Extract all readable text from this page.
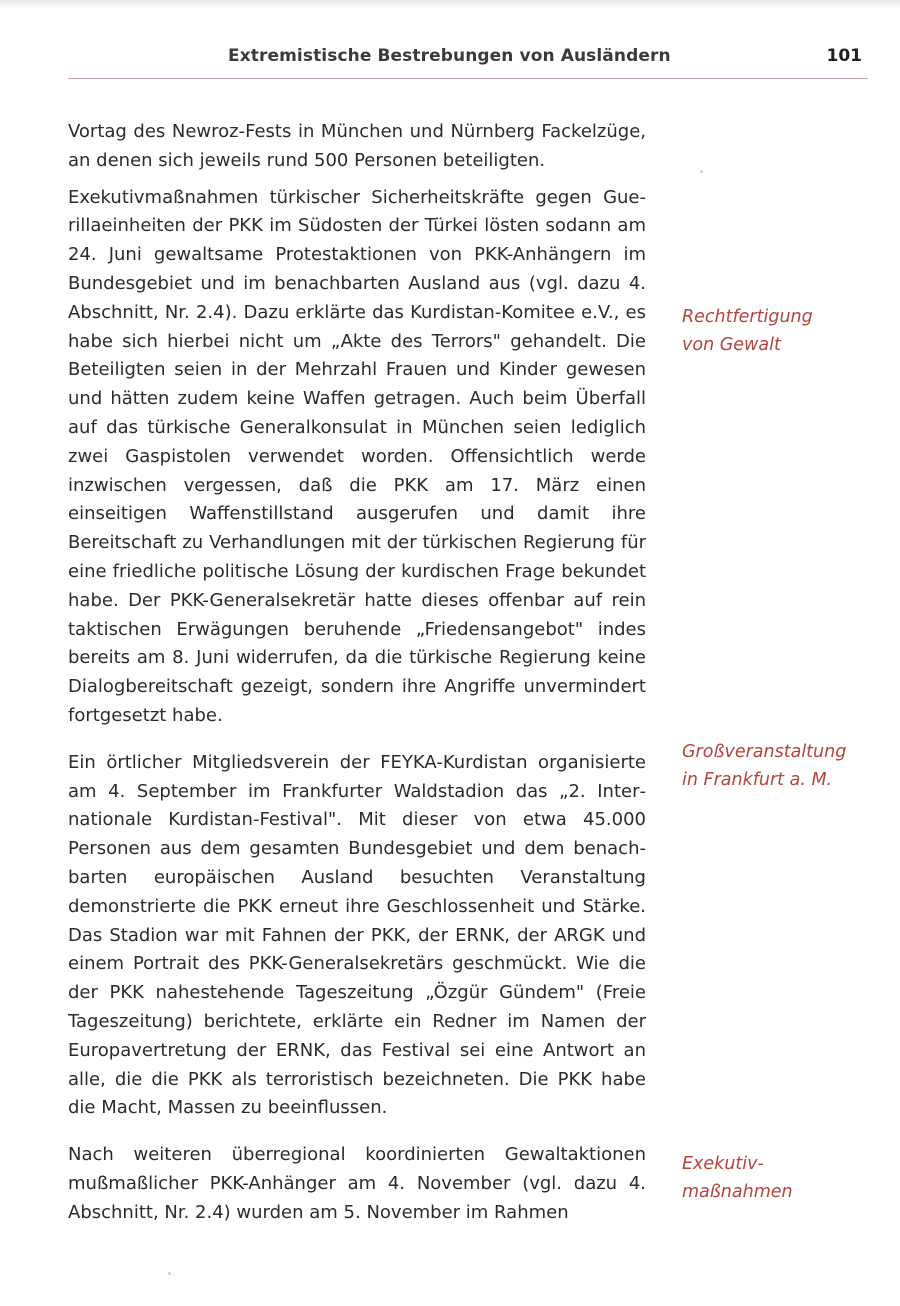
Extremistische Bestrebungen von Ausländern	101

Vortag des Newroz-Fests in München und Nürnberg Fackelzüge, an denen sich jeweils rund 500 Personen beteiligten.

Exekutivmaßnahmen türkischer Sicherheitskräfte gegen Guerillaeinheiten der PKK im Südosten der Türkei lösten sodann am 24. Juni gewaltsame Protestaktionen von PKK-Anhängern im Bundesgebiet und im benachbarten Ausland aus (vgl. dazu 4. Abschnitt, Nr. 2.4). Dazu erklärte das Kurdistan-Komitee e.V., es habe sich hierbei nicht um „Akte des Terrors" gehandelt. Die Beteiligten seien in der Mehrzahl Frauen und Kinder gewesen und hätten zudem keine Waffen getragen. Auch beim Überfall auf das türkische Generalkonsulat in München seien lediglich zwei Gaspistolen verwendet worden. Offensichtlich werde inzwischen vergessen, daß die PKK am 17. März einen einseitigen Waffenstillstand ausgerufen und damit ihre Bereitschaft zu Verhandlungen mit der türkischen Regierung für eine friedliche politische Lösung der kurdischen Frage bekundet habe. Der PKK-Generalsekretär hatte dieses offenbar auf rein taktischen Erwägungen beruhende „Friedensangebot" indes bereits am 8. Juni widerrufen, da die türkische Regierung keine Dialogbereitschaft gezeigt, sondern ihre Angriffe unvermindert fortgesetzt habe.

Ein örtlicher Mitgliedsverein der FEYKA-Kurdistan organisierte am 4. September im Frankfurter Waldstadion das „2. Internationale Kurdistan-Festival". Mit dieser von etwa 45.000 Personen aus dem gesamten Bundesgebiet und dem benachbarten europäischen Ausland besuchten Veranstaltung demonstrierte die PKK erneut ihre Geschlossenheit und Stärke. Das Stadion war mit Fahnen der PKK, der ERNK, der ARGK und einem Portrait des PKK-Generalsekretärs geschmückt. Wie die der PKK nahestehende Tageszeitung „Özgür Gündem" (Freie Tageszeitung) berichtete, erklärte ein Redner im Namen der Europavertretung der ERNK, das Festival sei eine Antwort an alle, die die PKK als terroristisch bezeichneten. Die PKK habe die Macht, Massen zu beeinflussen.

Nach weiteren überregional koordinierten Gewaltaktionen mußmaßlicher PKK-Anhänger am 4. November (vgl. dazu 4. Abschnitt, Nr. 2.4) wurden am 5. November im Rahmen

Rechtfertigung
von Gewalt
Großveranstaltung
in Frankfurt a. M.
Exekutiv-
maßnahmen
